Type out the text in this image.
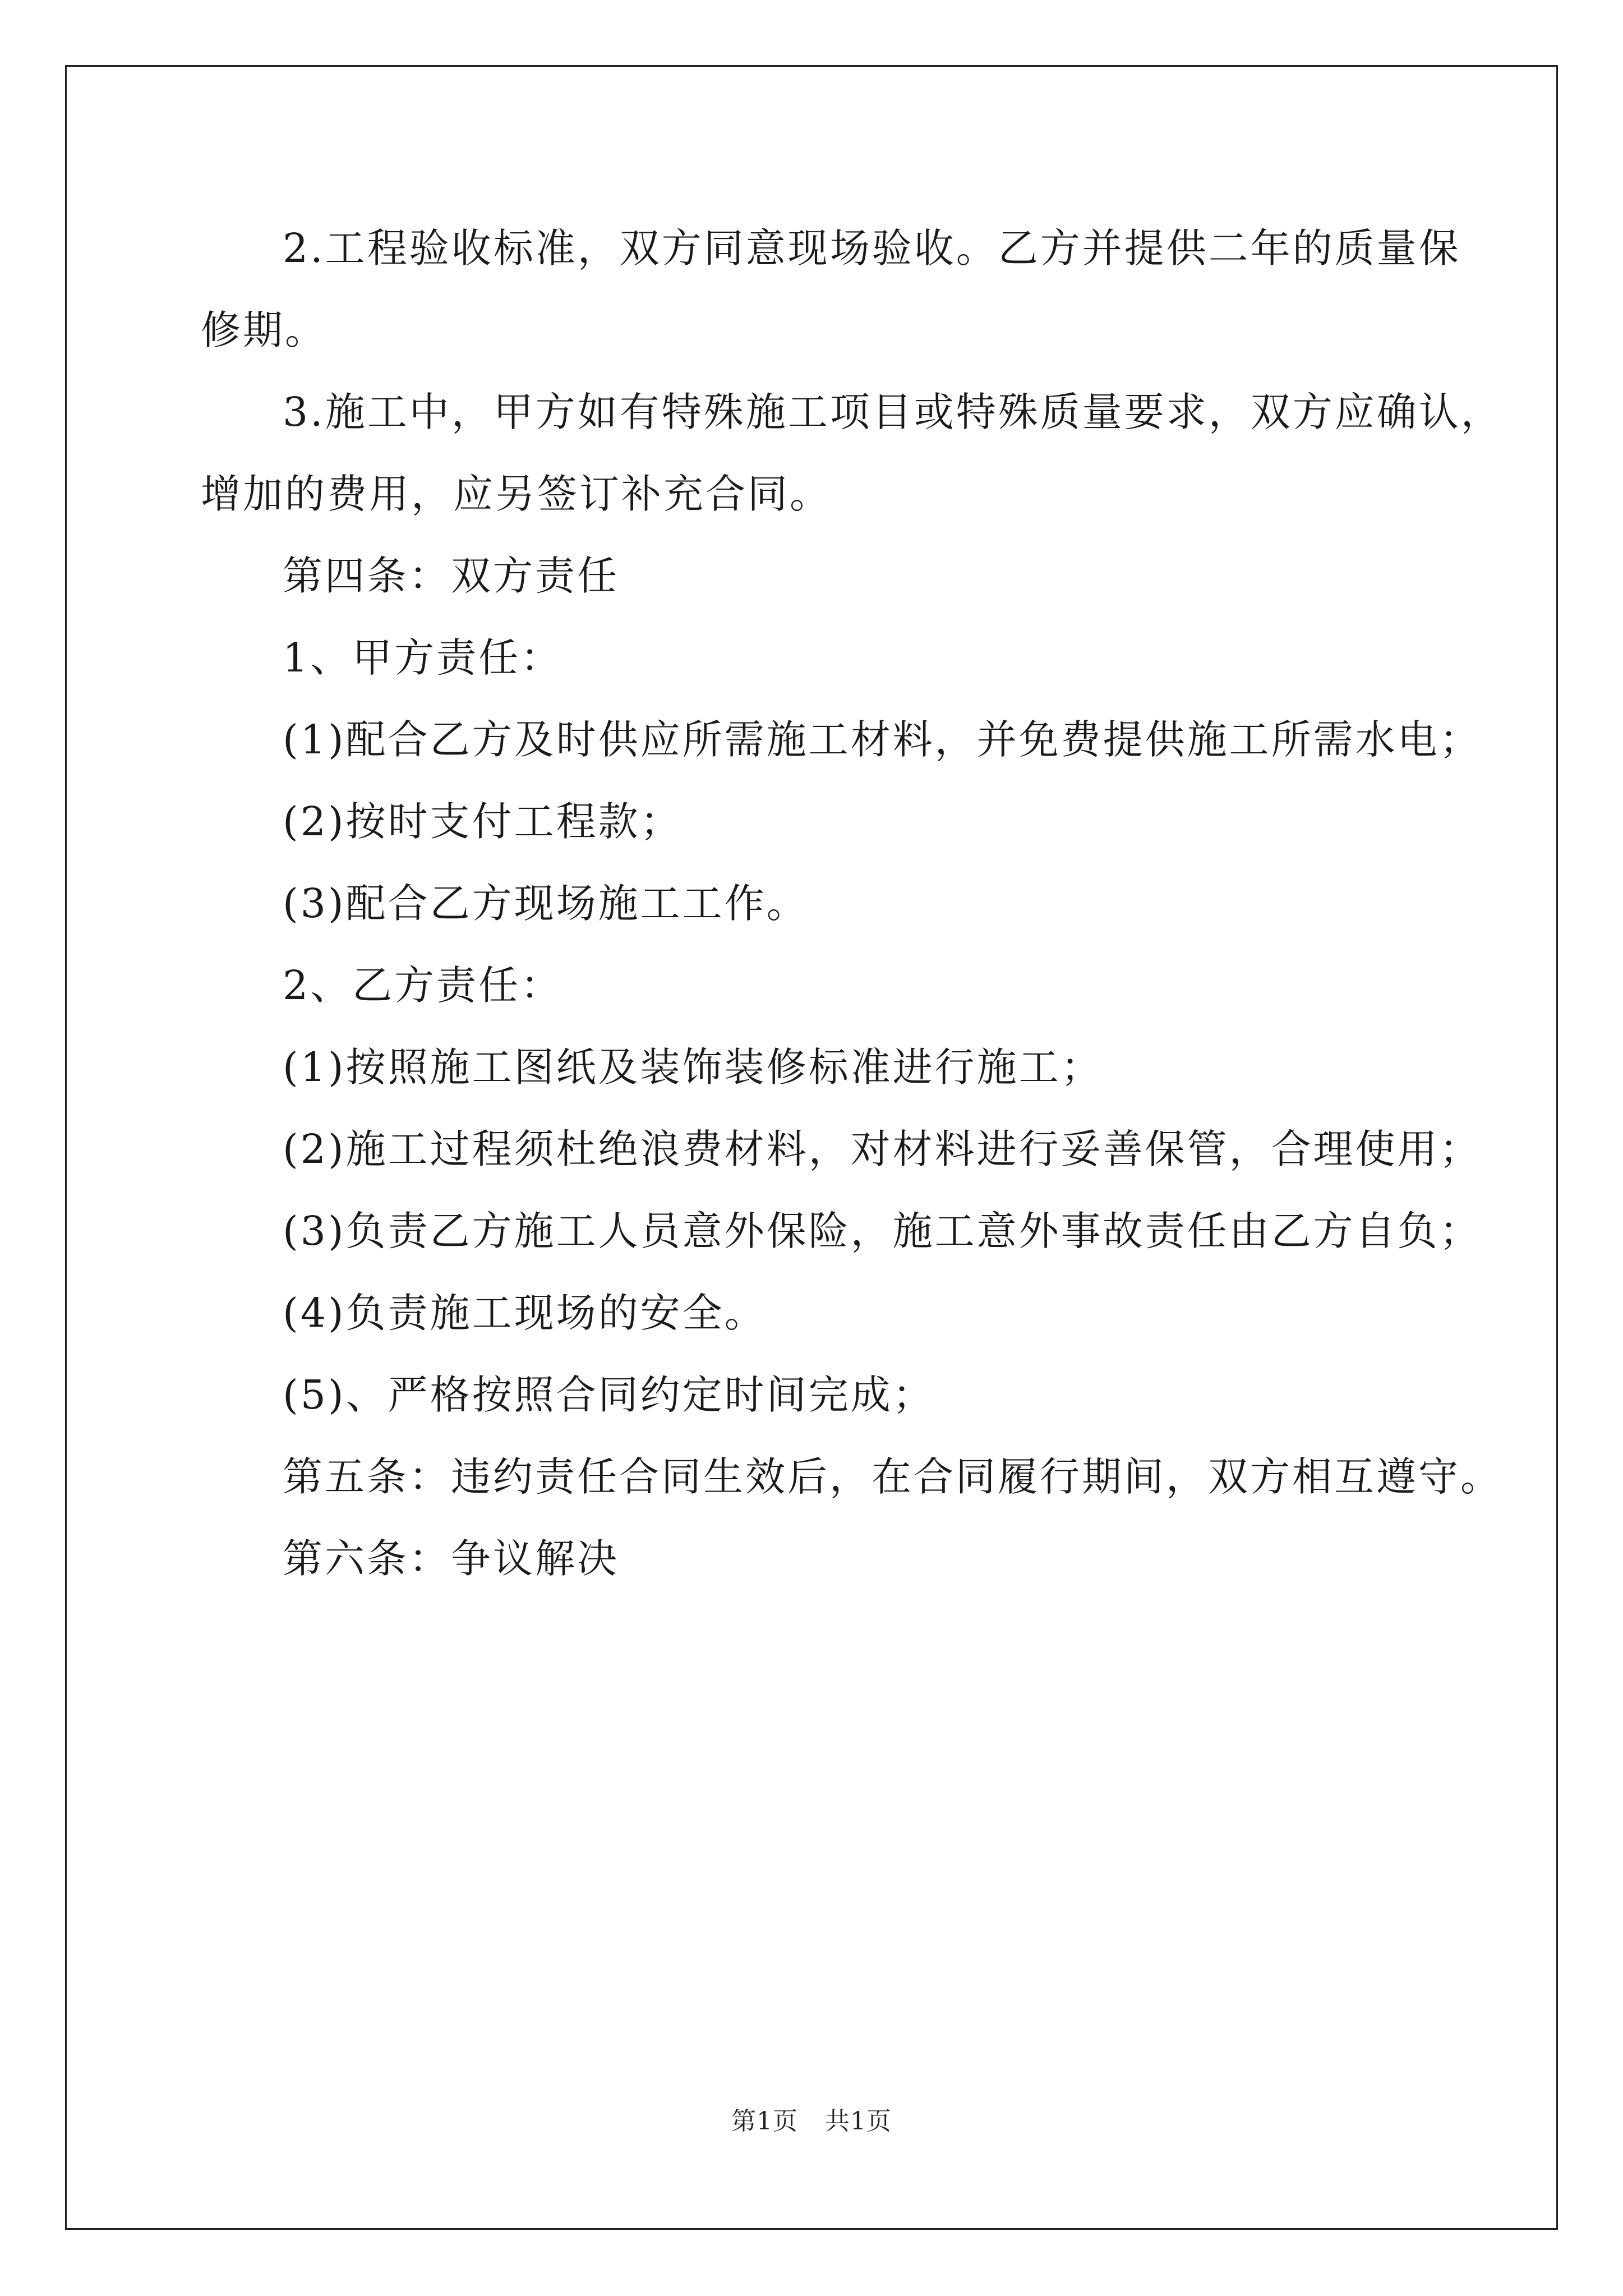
2.工程验收标准，双方同意现场验收。乙方并提供二年的质量保
修期。

3.施工中，甲方如有特殊施工项目或特殊质量要求，双方应确认，
增加的费用，应另签订补充合同。

第四条：双方责任

1、甲方责任：

(1)配合乙方及时供应所需施工材料，并免费提供施工所需水电；

(2)按时支付工程款；

(3)配合乙方现场施工工作。

2、乙方责任：

(1)按照施工图纸及装饰装修标准进行施工；

(2)施工过程须杜绝浪费材料，对材料进行妥善保管，合理使用；

(3)负责乙方施工人员意外保险，施工意外事故责任由乙方自负；

(4)负责施工现场的安全。

(5)、严格按照合同约定时间完成；

第五条：违约责任合同生效后，在合同履行期间，双方相互遵守。

第六条：争议解决

第1页 共1页
